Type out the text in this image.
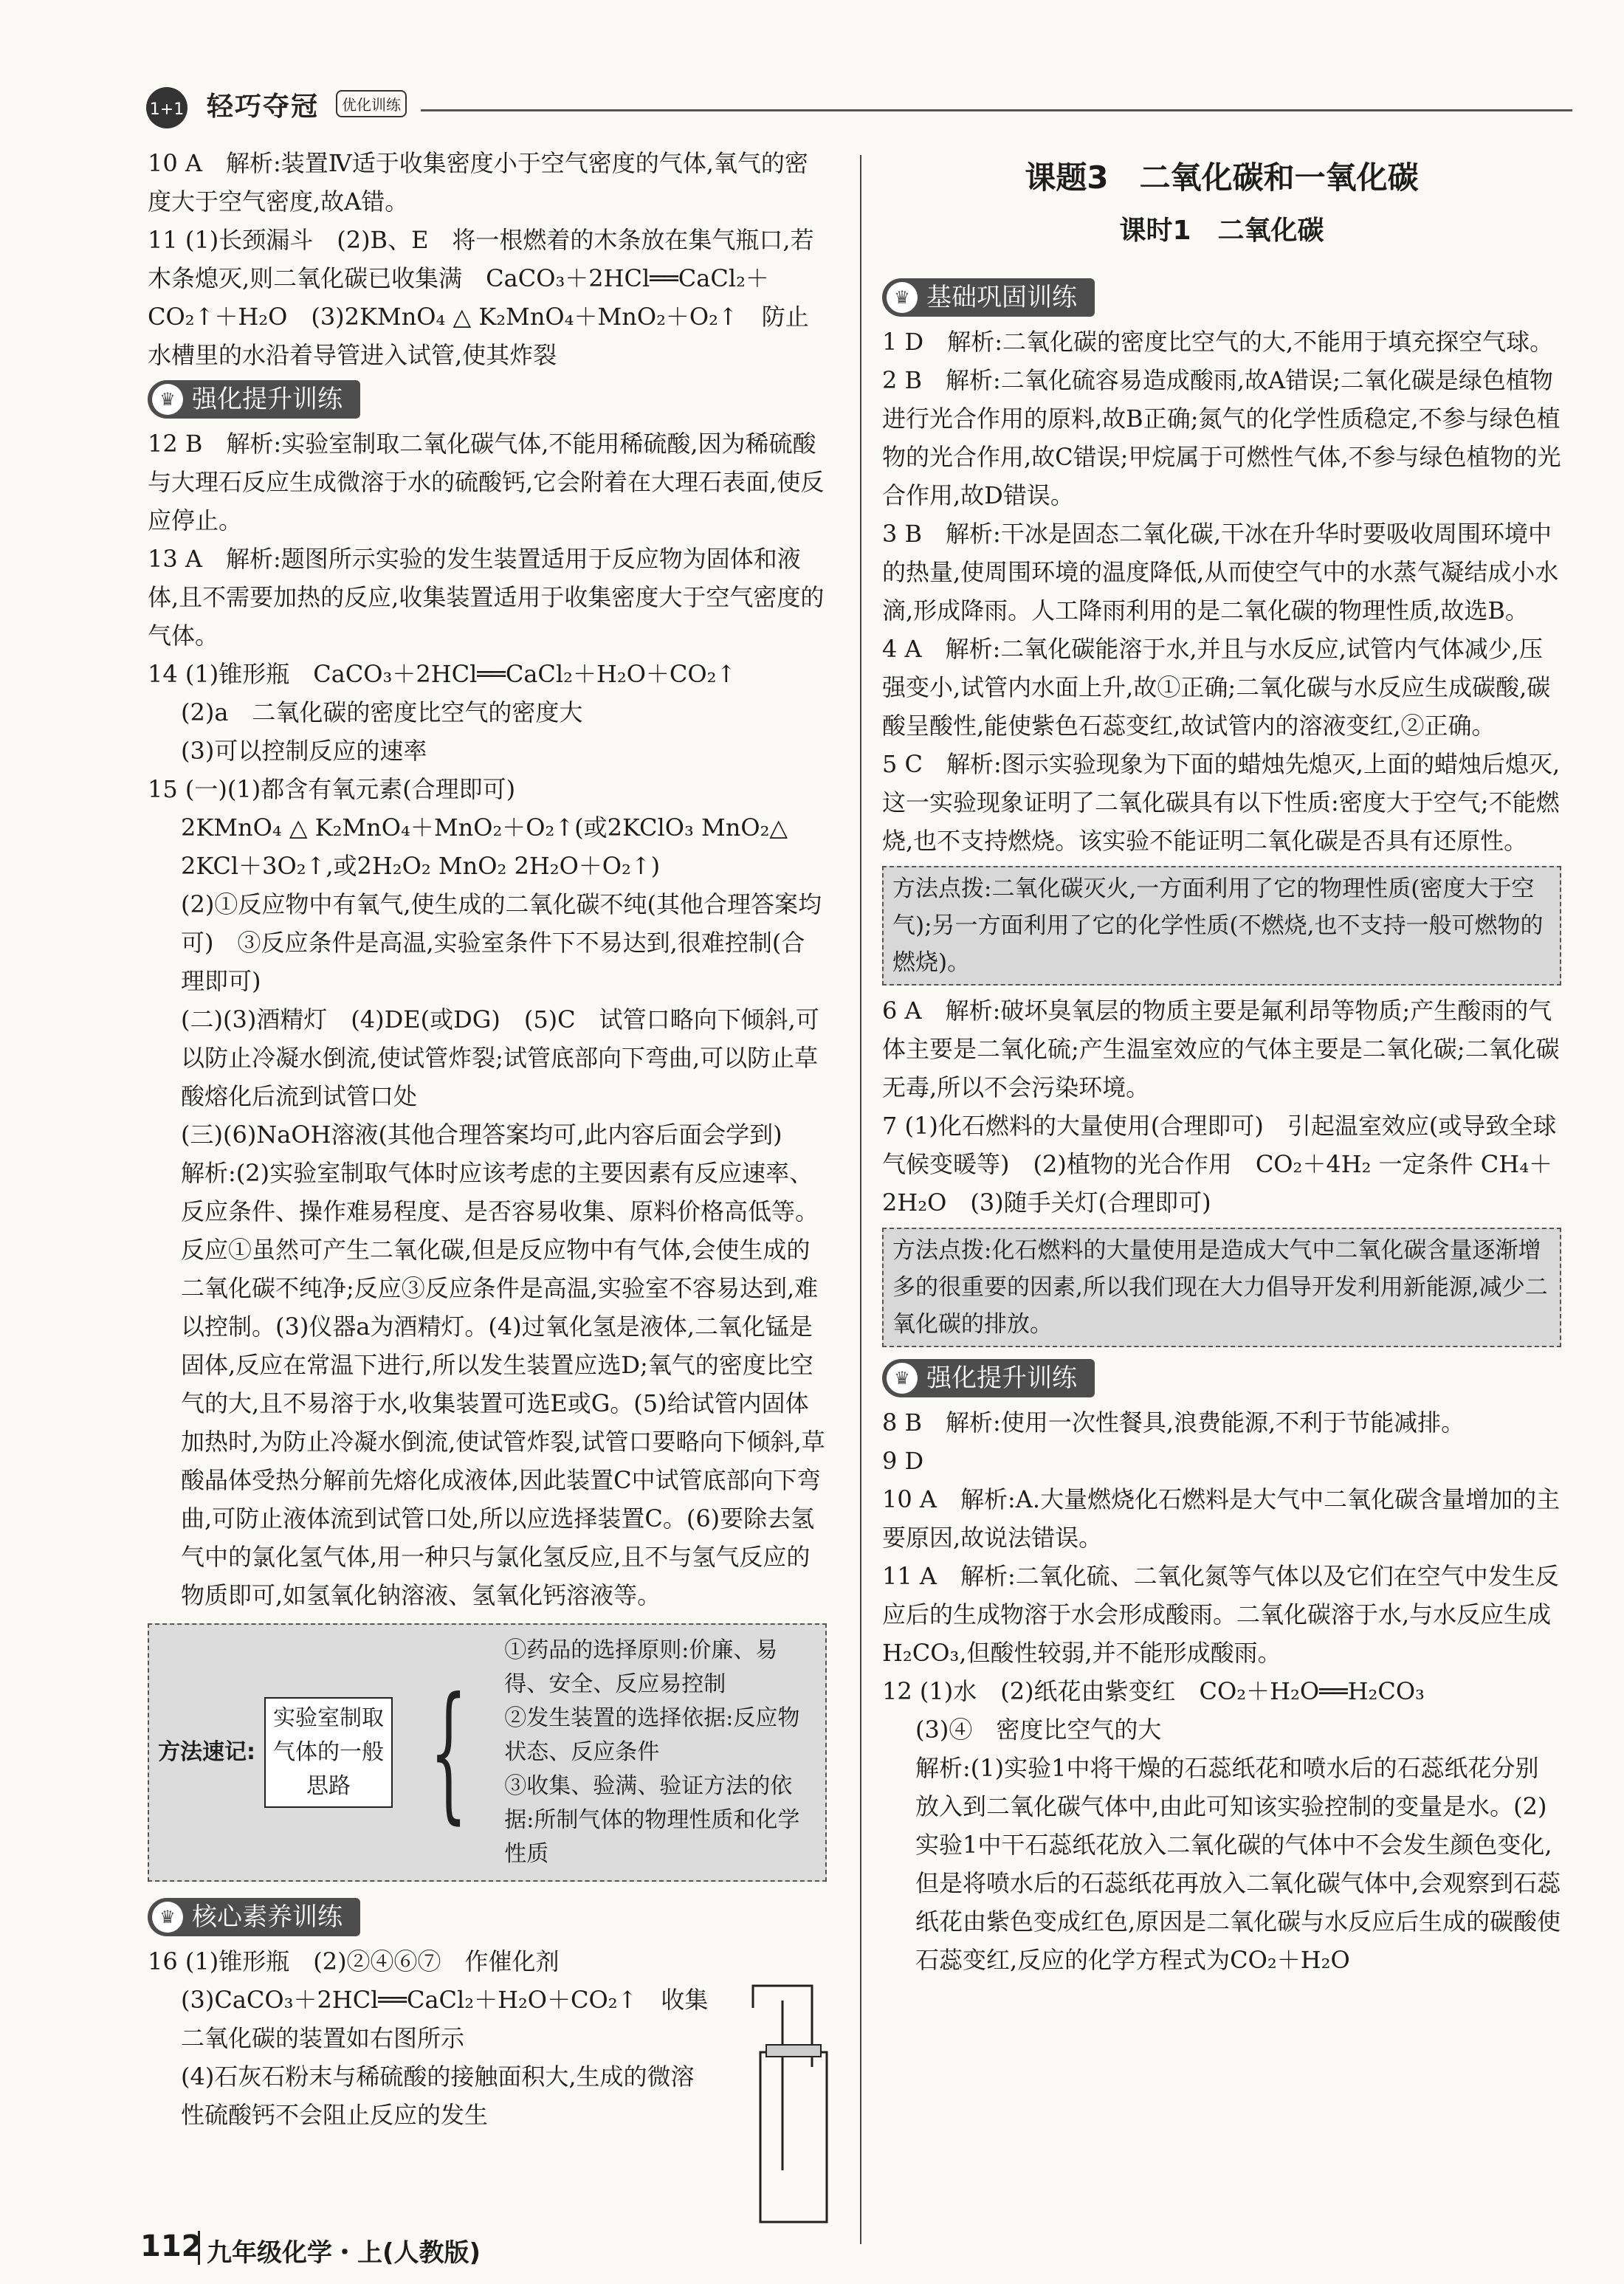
1+1 轻巧夺冠	优化训练

10 A　解析:装置Ⅳ适于收集密度小于空气密度的气体,氧气的密度大于空气密度,故A错。

11 (1)长颈漏斗　(2)B、E　将一根燃着的木条放在集气瓶口,若木条熄灭,则二氧化碳已收集满　CaCO₃＋2HCl══CaCl₂＋CO₂↑＋H₂O　(3)2KMnO₄ △ K₂MnO₄＋MnO₂＋O₂↑　防止水槽里的水沿着导管进入试管,使其炸裂

♛ 强化提升训练

12 B　解析:实验室制取二氧化碳气体,不能用稀硫酸,因为稀硫酸与大理石反应生成微溶于水的硫酸钙,它会附着在大理石表面,使反应停止。

13 A　解析:题图所示实验的发生装置适用于反应物为固体和液体,且不需要加热的反应,收集装置适用于收集密度大于空气密度的气体。

14 (1)锥形瓶　CaCO₃＋2HCl══CaCl₂＋H₂O＋CO₂↑

(2)a　二氧化碳的密度比空气的密度大

(3)可以控制反应的速率

15 (一)(1)都含有氧元素(合理即可)

2KMnO₄ △ K₂MnO₄＋MnO₂＋O₂↑(或2KClO₃ MnO₂△ 2KCl＋3O₂↑,或2H₂O₂ MnO₂ 2H₂O＋O₂↑)

(2)①反应物中有氧气,使生成的二氧化碳不纯(其他合理答案均可)　③反应条件是高温,实验室条件下不易达到,很难控制(合理即可)

(二)(3)酒精灯　(4)DE(或DG)　(5)C　试管口略向下倾斜,可以防止冷凝水倒流,使试管炸裂;试管底部向下弯曲,可以防止草酸熔化后流到试管口处

(三)(6)NaOH溶液(其他合理答案均可,此内容后面会学到)

解析:(2)实验室制取气体时应该考虑的主要因素有反应速率、反应条件、操作难易程度、是否容易收集、原料价格高低等。反应①虽然可产生二氧化碳,但是反应物中有气体,会使生成的二氧化碳不纯净;反应③反应条件是高温,实验室不容易达到,难以控制。(3)仪器a为酒精灯。(4)过氧化氢是液体,二氧化锰是固体,反应在常温下进行,所以发生装置应选D;氧气的密度比空气的大,且不易溶于水,收集装置可选E或G。(5)给试管内固体加热时,为防止冷凝水倒流,使试管炸裂,试管口要略向下倾斜,草酸晶体受热分解前先熔化成液体,因此装置C中试管底部向下弯曲,可防止液体流到试管口处,所以应选择装置C。(6)要除去氢气中的氯化氢气体,用一种只与氯化氢反应,且不与氢气反应的物质即可,如氢氧化钠溶液、氢氧化钙溶液等。

方法速记:
实验室制取气体的一般思路 {
①药品的选择原则:价廉、易得、安全、反应易控制
②发生装置的选择依据:反应物状态、反应条件
③收集、验满、验证方法的依据:所制气体的物理性质和化学性质
♛ 核心素养训练

16 (1)锥形瓶　(2)②④⑥⑦　作催化剂

(3)CaCO₃＋2HCl══CaCl₂＋H₂O＋CO₂↑　收集二氧化碳的装置如右图所示

(4)石灰石粉末与稀硫酸的接触面积大,生成的微溶性硫酸钙不会阻止反应的发生

课题3　二氧化碳和一氧化碳
课时1　二氧化碳
♛ 基础巩固训练

1 D　解析:二氧化碳的密度比空气的大,不能用于填充探空气球。

2 B　解析:二氧化硫容易造成酸雨,故A错误;二氧化碳是绿色植物进行光合作用的原料,故B正确;氮气的化学性质稳定,不参与绿色植物的光合作用,故C错误;甲烷属于可燃性气体,不参与绿色植物的光合作用,故D错误。

3 B　解析:干冰是固态二氧化碳,干冰在升华时要吸收周围环境中的热量,使周围环境的温度降低,从而使空气中的水蒸气凝结成小水滴,形成降雨。人工降雨利用的是二氧化碳的物理性质,故选B。

4 A　解析:二氧化碳能溶于水,并且与水反应,试管内气体减少,压强变小,试管内水面上升,故①正确;二氧化碳与水反应生成碳酸,碳酸呈酸性,能使紫色石蕊变红,故试管内的溶液变红,②正确。

5 C　解析:图示实验现象为下面的蜡烛先熄灭,上面的蜡烛后熄灭,这一实验现象证明了二氧化碳具有以下性质:密度大于空气;不能燃烧,也不支持燃烧。该实验不能证明二氧化碳是否具有还原性。

方法点拨:二氧化碳灭火,一方面利用了它的物理性质(密度大于空气);另一方面利用了它的化学性质(不燃烧,也不支持一般可燃物的燃烧)。

6 A　解析:破坏臭氧层的物质主要是氟利昂等物质;产生酸雨的气体主要是二氧化硫;产生温室效应的气体主要是二氧化碳;二氧化碳无毒,所以不会污染环境。

7 (1)化石燃料的大量使用(合理即可)　引起温室效应(或导致全球气候变暖等)　(2)植物的光合作用　CO₂＋4H₂ 一定条件 CH₄＋2H₂O　(3)随手关灯(合理即可)

方法点拨:化石燃料的大量使用是造成大气中二氧化碳含量逐渐增多的很重要的因素,所以我们现在大力倡导开发利用新能源,减少二氧化碳的排放。
♛ 强化提升训练

8 B　解析:使用一次性餐具,浪费能源,不利于节能减排。

9 D

10 A　解析:A.大量燃烧化石燃料是大气中二氧化碳含量增加的主要原因,故说法错误。

11 A　解析:二氧化硫、二氧化氮等气体以及它们在空气中发生反应后的生成物溶于水会形成酸雨。二氧化碳溶于水,与水反应生成H₂CO₃,但酸性较弱,并不能形成酸雨。

12 (1)水　(2)纸花由紫变红　CO₂＋H₂O══H₂CO₃

(3)④　密度比空气的大

解析:(1)实验1中将干燥的石蕊纸花和喷水后的石蕊纸花分别放入到二氧化碳气体中,由此可知该实验控制的变量是水。(2)实验1中干石蕊纸花放入二氧化碳的气体中不会发生颜色变化,但是将喷水后的石蕊纸花再放入二氧化碳气体中,会观察到石蕊纸花由紫色变成红色,原因是二氧化碳与水反应后生成的碳酸使石蕊变红,反应的化学方程式为CO₂＋H₂O

112 九年级化学・上(人教版)
